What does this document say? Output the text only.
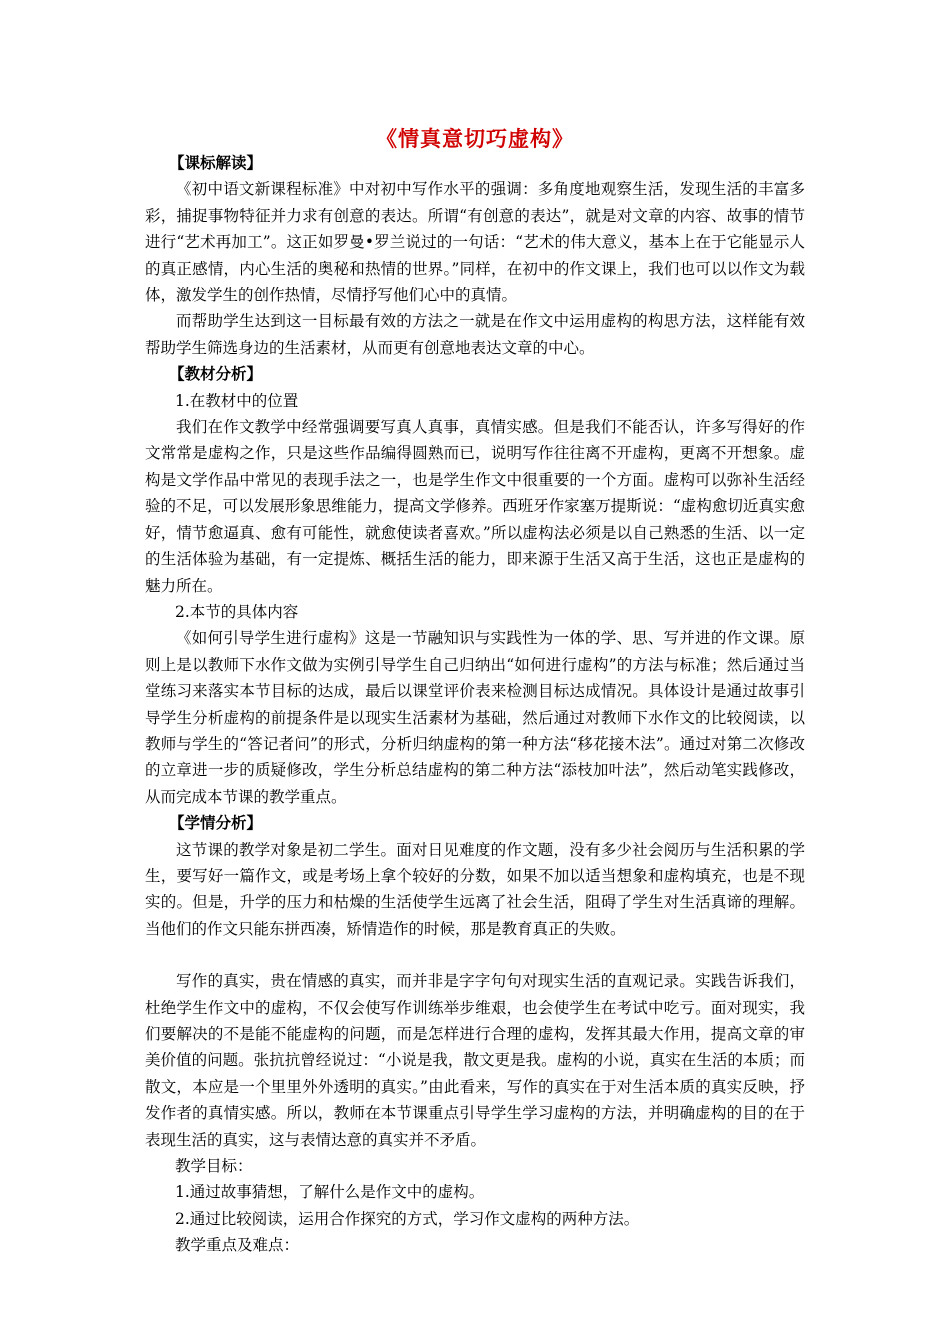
《情真意切巧虚构》

【课标解读】

《初中语文新课程标准》中对初中写作水平的强调：多角度地观察生活，发现生活的丰富多彩，捕捉事物特征并力求有创意的表达。所谓“有创意的表达”，就是对文章的内容、故事的情节进行“艺术再加工”。这正如罗曼•罗兰说过的一句话：“艺术的伟大意义，基本上在于它能显示人的真正感情，内心生活的奥秘和热情的世界。”同样，在初中的作文课上，我们也可以以作文为载体，激发学生的创作热情，尽情抒写他们心中的真情。

而帮助学生达到这一目标最有效的方法之一就是在作文中运用虚构的构思方法，这样能有效帮助学生筛选身边的生活素材，从而更有创意地表达文章的中心。

【教材分析】

1.在教材中的位置

我们在作文教学中经常强调要写真人真事，真情实感。但是我们不能否认，许多写得好的作文常常是虚构之作，只是这些作品编得圆熟而已，说明写作往往离不开虚构，更离不开想象。虚构是文学作品中常见的表现手法之一，也是学生作文中很重要的一个方面。虚构可以弥补生活经验的不足，可以发展形象思维能力，提高文学修养。西班牙作家塞万提斯说：“虚构愈切近真实愈好，情节愈逼真、愈有可能性，就愈使读者喜欢。”所以虚构法必须是以自己熟悉的生活、以一定的生活体验为基础，有一定提炼、概括生活的能力，即来源于生活又高于生活，这也正是虚构的魅力所在。

2.本节的具体内容

《如何引导学生进行虚构》这是一节融知识与实践性为一体的学、思、写并进的作文课。原则上是以教师下水作文做为实例引导学生自己归纳出“如何进行虚构”的方法与标准；然后通过当堂练习来落实本节目标的达成，最后以课堂评价表来检测目标达成情况。具体设计是通过故事引导学生分析虚构的前提条件是以现实生活素材为基础，然后通过对教师下水作文的比较阅读，以教师与学生的“答记者问”的形式，分析归纳虚构的第一种方法“移花接木法”。通过对第二次修改的立章进一步的质疑修改，学生分析总结虚构的第二种方法“添枝加叶法”，然后动笔实践修改，从而完成本节课的教学重点。

【学情分析】

这节课的教学对象是初二学生。面对日见难度的作文题，没有多少社会阅历与生活积累的学生，要写好一篇作文，或是考场上拿个较好的分数，如果不加以适当想象和虚构填充，也是不现实的。但是，升学的压力和枯燥的生活使学生远离了社会生活，阻碍了学生对生活真谛的理解。当他们的作文只能东拼西凑，矫情造作的时候，那是教育真正的失败。

写作的真实，贵在情感的真实，而并非是字字句句对现实生活的直观记录。实践告诉我们，杜绝学生作文中的虚构，不仅会使写作训练举步维艰，也会使学生在考试中吃亏。面对现实，我们要解决的不是能不能虚构的问题，而是怎样进行合理的虚构，发挥其最大作用，提高文章的审美价值的问题。张抗抗曾经说过：“小说是我，散文更是我。虚构的小说，真实在生活的本质；而散文，本应是一个里里外外透明的真实。”由此看来，写作的真实在于对生活本质的真实反映，抒发作者的真情实感。所以，教师在本节课重点引导学生学习虚构的方法，并明确虚构的目的在于表现生活的真实，这与表情达意的真实并不矛盾。

教学目标：

1.通过故事猜想，了解什么是作文中的虚构。

2.通过比较阅读，运用合作探究的方式，学习作文虚构的两种方法。

教学重点及难点：
